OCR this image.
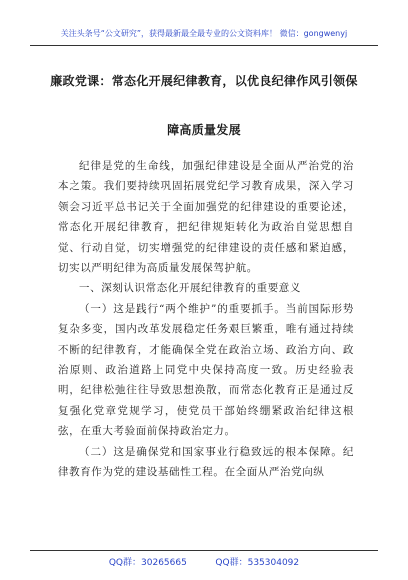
关注头条号“公文研究”，获得最新最全最专业的公文资料库！ 微信：gongwenyj
廉政党课：常态化开展纪律教育，以优良纪律作风引领保
障高质量发展

纪律是党的生命线，加强纪律建设是全面从严治党的治本之策。我们要持续巩固拓展党纪学习教育成果，深入学习领会习近平总书记关于全面加强党的纪律建设的重要论述，常态化开展纪律教育，把纪律规矩转化为政治自觉思想自觉、行动自觉，切实增强党的纪律建设的责任感和紧迫感，切实以严明纪律为高质量发展保驾护航。

一、深刻认识常态化开展纪律教育的重要意义

（一）这是践行“两个维护”的重要抓手。当前国际形势复杂多变，国内改革发展稳定任务艰巨繁重，唯有通过持续不断的纪律教育，才能确保全党在政治立场、政治方向、政治原则、政治道路上同党中央保持高度一致。历史经验表明，纪律松弛往往导致思想涣散，而常态化教育正是通过反复强化党章党规学习，使党员干部始终绷紧政治纪律这根弦，在重大考验面前保持政治定力。

（二）这是确保党和国家事业行稳致远的根本保障。纪律教育作为党的建设基础性工程。在全面从严治党向纵

QQ群：30265665          QQ群：535304092
